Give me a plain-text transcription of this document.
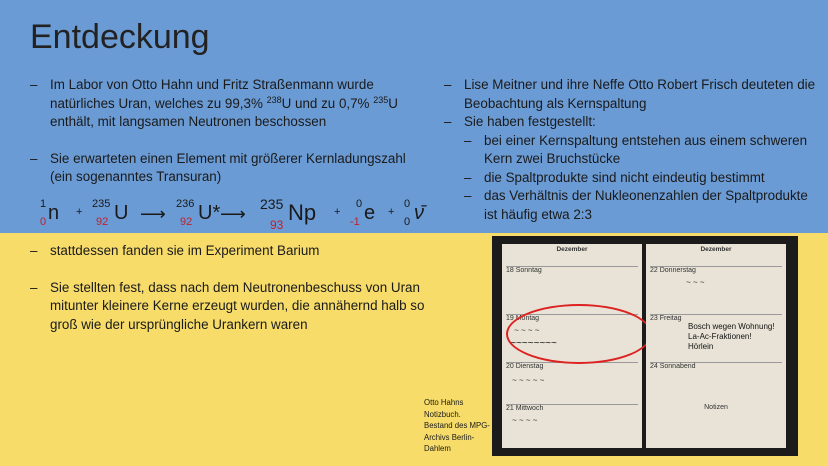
Entdeckung
– Im Labor von Otto Hahn und Fritz Straßenmann wurde natürliches Uran, welches zu 99,3% $^{238}$U und zu 0,7% $^{235}$U enthält, mit langsamen Neutronen beschossen
– Sie erwarteten einen Element mit größerer Kernladungszahl (ein sogenanntes Transuran)
1
0 n +
235
92 U ⟶ 236
92 U* ⟶ 235
93 Np +
0
-1 e +
0
0 ν̄
– stattdessen fanden sie im Experiment Barium
– Sie stellten fest, dass nach dem Neutronenbeschuss von Uran mitunter kleinere Kerne erzeugt wurden, die annähernd halb so groß wie der ursprüngliche Urankern waren
– Lise Meitner und ihre Neffe Otto Robert Frisch deuteten die Beobachtung als Kernspaltung
– Sie haben festgestellt:
– bei einer Kernspaltung entstehen aus einem schweren Kern zwei Bruchstücke
– die Spaltprodukte sind nicht eindeutig bestimmt
– das Verhältnis der Nukleonenzahlen der Spaltprodukte ist häufig etwa 2:3
Dezember
18 Sonntag
19 Montag
~ ~ ~ ~
~~~~~~~~
20 Dienstag
~ ~ ~ ~ ~
21 Mittwoch
~ ~ ~ ~
Dezember
22 Donnerstag
~ ~ ~
23 Freitag
Bosch wegen Wohnung!
La-Ac-Fraktionen!
Hörlein
24 Sonnabend
Notizen
Otto Hahns
Notizbuch.
Bestand des MPG-
Archivs Berlin-
Dahlem
